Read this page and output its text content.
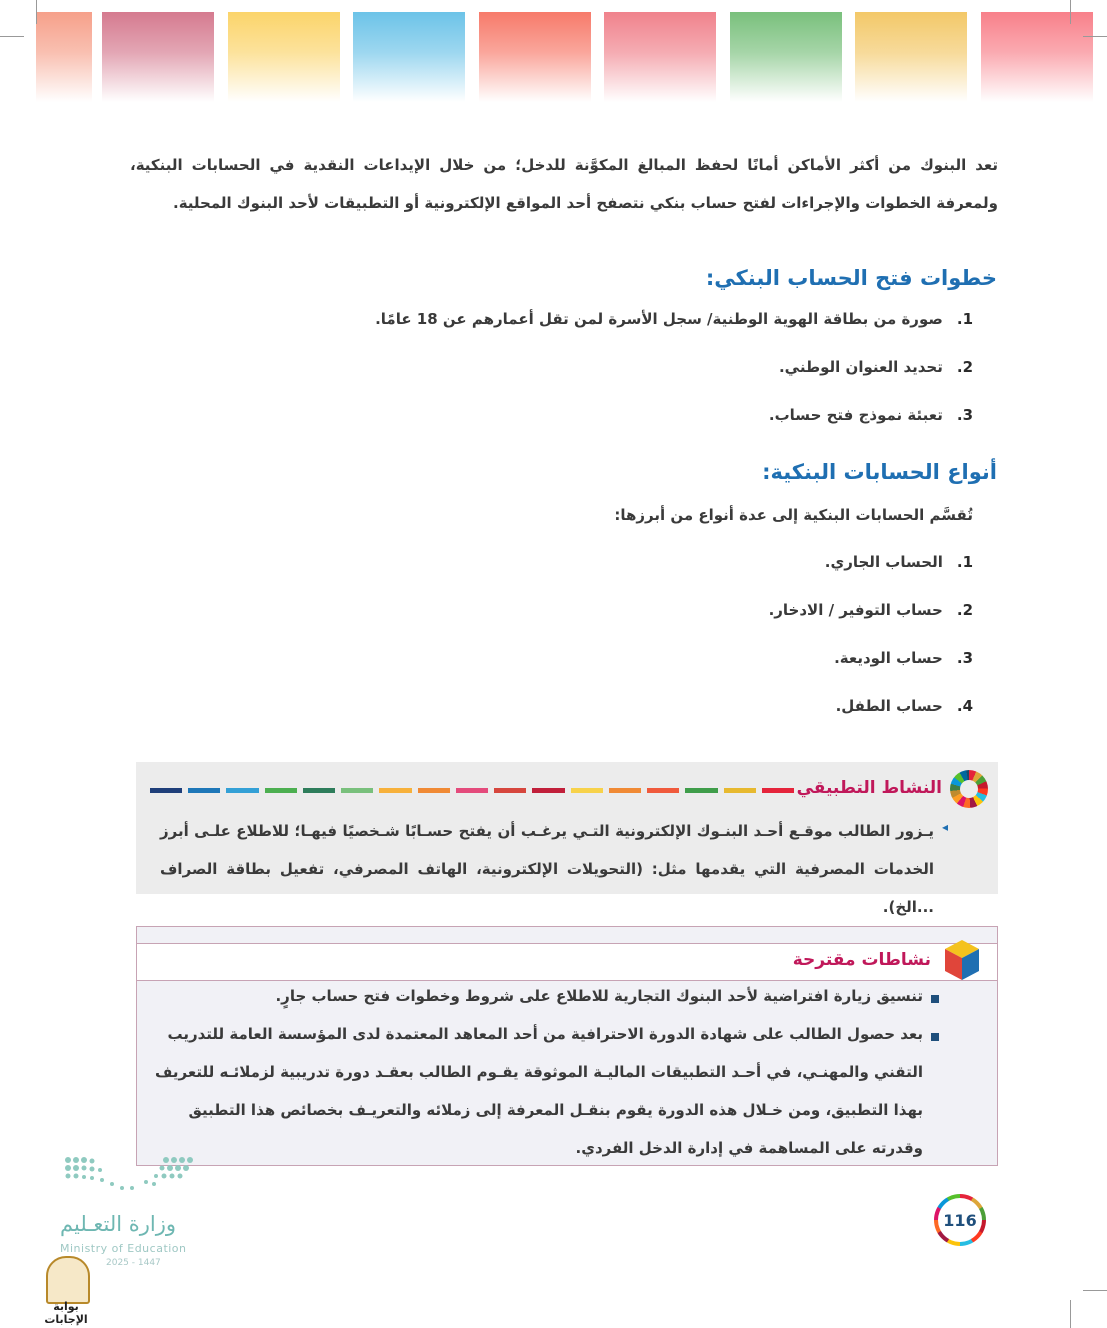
تعد البنوك من أكثر الأماكن أمانًا لحفظ المبالغ المكوَّنة للدخل؛ من خلال الإيداعات النقدية في الحسابات البنكية، ولمعرفة الخطوات والإجراءات لفتح حساب بنكي نتصفح أحد المواقع الإلكترونية أو التطبيقات لأحد البنوك المحلية.
خطوات فتح الحساب البنكي:
1.صورة من بطاقة الهوية الوطنية/ سجل الأسرة لمن تقل أعمارهم عن 18 عامًا.
2.تحديد العنوان الوطني.
3.تعبئة نموذج فتح حساب.
أنواع الحسابات البنكية:
تُقسَّم الحسابات البنكية إلى عدة أنواع من أبرزها:
1.الحساب الجاري.
2.حساب التوفير / الادخار.
3.حساب الوديعة.
4.حساب الطفل.
النشاط التطبيقي
◂
يـزور الطالب موقـع أحـد البنـوك الإلكترونية التـي يرغـب أن يفتح حسـابًا شـخصيًا فيهـا؛ للاطلاع علـى أبرز الخدمات المصرفية التي يقدمها مثل: (التحويلات الإلكترونية، الهاتف المصرفي، تفعيل بطاقة الصراف ...الخ).
نشاطات مقترحة
تنسيق زيارة افتراضية لأحد البنوك التجارية للاطلاع على شروط وخطوات فتح حساب جارٍ.
بعد حصول الطالب على شهادة الدورة الاحترافية من أحد المعاهد المعتمدة لدى المؤسسة العامة للتدريب
التقني والمهنـي، في أحـد التطبيقات الماليـة الموثوقة يقـوم الطالب بعقـد دورة تدريبية لزملائـه للتعريف
بهذا التطبيق، ومن خـلال هذه الدورة يقوم بنقـل المعرفة إلى زملائه والتعريـف بخصائص هذا التطبيق
وقدرته على المساهمة في إدارة الدخل الفردي.
116
وزارة التعـليم
Ministry of Education
2025 - 1447
بوابة الإجابات
